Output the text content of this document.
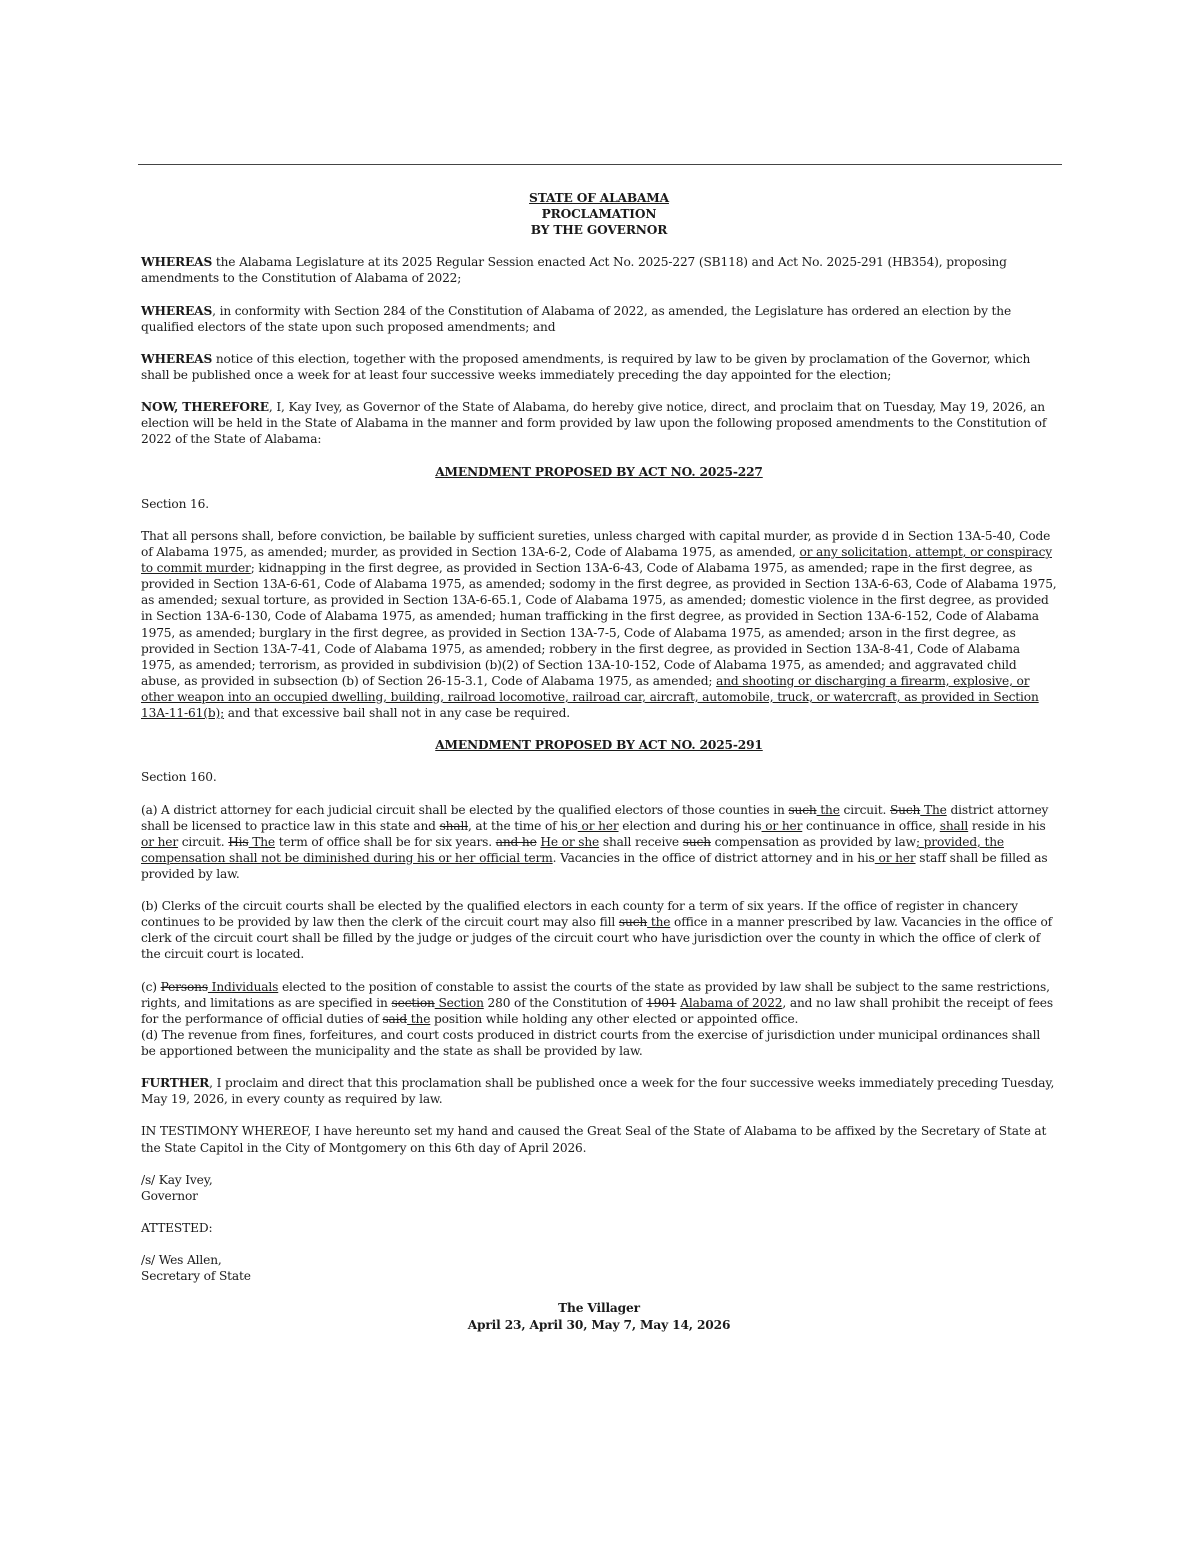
STATE OF ALABAMA
PROCLAMATION
BY THE GOVERNOR

WHEREAS the Alabama Legislature at its 2025 Regular Session enacted Act No. 2025-227 (SB118) and Act No. 2025-291 (HB354), proposing amendments to the Constitution of Alabama of 2022;

WHEREAS, in conformity with Section 284 of the Constitution of Alabama of 2022, as amended, the Legislature has ordered an election by the qualified electors of the state upon such proposed amendments; and

WHEREAS notice of this election, together with the proposed amendments, is required by law to be given by proclamation of the Governor, which shall be published once a week for at least four successive weeks immediately preceding the day appointed for the election;

NOW, THEREFORE, I, Kay Ivey, as Governor of the State of Alabama, do hereby give notice, direct, and proclaim that on Tuesday, May 19, 2026, an election will be held in the State of Alabama in the manner and form provided by law upon the following proposed amendments to the Constitution of 2022 of the State of Alabama:

AMENDMENT PROPOSED BY ACT NO. 2025-227

Section 16.

That all persons shall, before conviction, be bailable by sufficient sureties, unless charged with capital murder, as provide d in Section 13A-5-40, Code of Alabama 1975, as amended; murder, as provided in Section 13A-6-2, Code of Alabama 1975, as amended, or any solicitation, attempt, or conspiracy to commit murder; kidnapping in the first degree, as provided in Section 13A-6-43, Code of Alabama 1975, as amended; rape in the first degree, as provided in Section 13A-6-61, Code of Alabama 1975, as amended; sodomy in the first degree, as provided in Section 13A-6-63, Code of Alabama 1975, as amended; sexual torture, as provided in Section 13A-6-65.1, Code of Alabama 1975, as amended; domestic violence in the first degree, as provided in Section 13A-6-130, Code of Alabama 1975, as amended; human trafficking in the first degree, as provided in Section 13A-6-152, Code of Alabama 1975, as amended; burglary in the first degree, as provided in Section 13A-7-5, Code of Alabama 1975, as amended; arson in the first degree, as provided in Section 13A-7-41, Code of Alabama 1975, as amended; robbery in the first degree, as provided in Section 13A-8-41, Code of Alabama 1975, as amended; terrorism, as provided in subdivision (b)(2) of Section 13A-10-152, Code of Alabama 1975, as amended; and aggravated child abuse, as provided in subsection (b) of Section 26-15-3.1, Code of Alabama 1975, as amended; and shooting or discharging a firearm, explosive, or other weapon into an occupied dwelling, building, railroad locomotive, railroad car, aircraft, automobile, truck, or watercraft, as provided in Section 13A-11-61(b); and that excessive bail shall not in any case be required.

AMENDMENT PROPOSED BY ACT NO. 2025-291

Section 160.

(a) A district attorney for each judicial circuit shall be elected by the qualified electors of those counties in such the circuit. Such The district attorney shall be licensed to practice law in this state and shall, at the time of his or her election and during his or her continuance in office, shall reside in his or her circuit. His The term of office shall be for six years. and he He or she shall receive such compensation as provided by law; provided, the compensation shall not be diminished during his or her official term. Vacancies in the office of district attorney and in his or her staff shall be filled as provided by law.

(b) Clerks of the circuit courts shall be elected by the qualified electors in each county for a term of six years. If the office of register in chancery continues to be provided by law then the clerk of the circuit court may also fill such the office in a manner prescribed by law. Vacancies in the office of clerk of the circuit court shall be filled by the judge or judges of the circuit court who have jurisdiction over the county in which the office of clerk of the circuit court is located.

(c) Persons Individuals elected to the position of constable to assist the courts of the state as provided by law shall be subject to the same restrictions, rights, and limitations as are specified in section Section 280 of the Constitution of 1901 Alabama of 2022, and no law shall prohibit the receipt of fees for the performance of official duties of said the position while holding any other elected or appointed office.

(d) The revenue from fines, forfeitures, and court costs produced in district courts from the exercise of jurisdiction under municipal ordinances shall be apportioned between the municipality and the state as shall be provided by law.

FURTHER, I proclaim and direct that this proclamation shall be published once a week for the four successive weeks immediately preceding Tuesday, May 19, 2026, in every county as required by law.

IN TESTIMONY WHEREOF, I have hereunto set my hand and caused the Great Seal of the State of Alabama to be affixed by the Secretary of State at the State Capitol in the City of Montgomery on this 6th day of April 2026.

/s/ Kay Ivey,
Governor

ATTESTED:

/s/ Wes Allen,
Secretary of State

The Villager
April 23, April 30, May 7, May 14, 2026
